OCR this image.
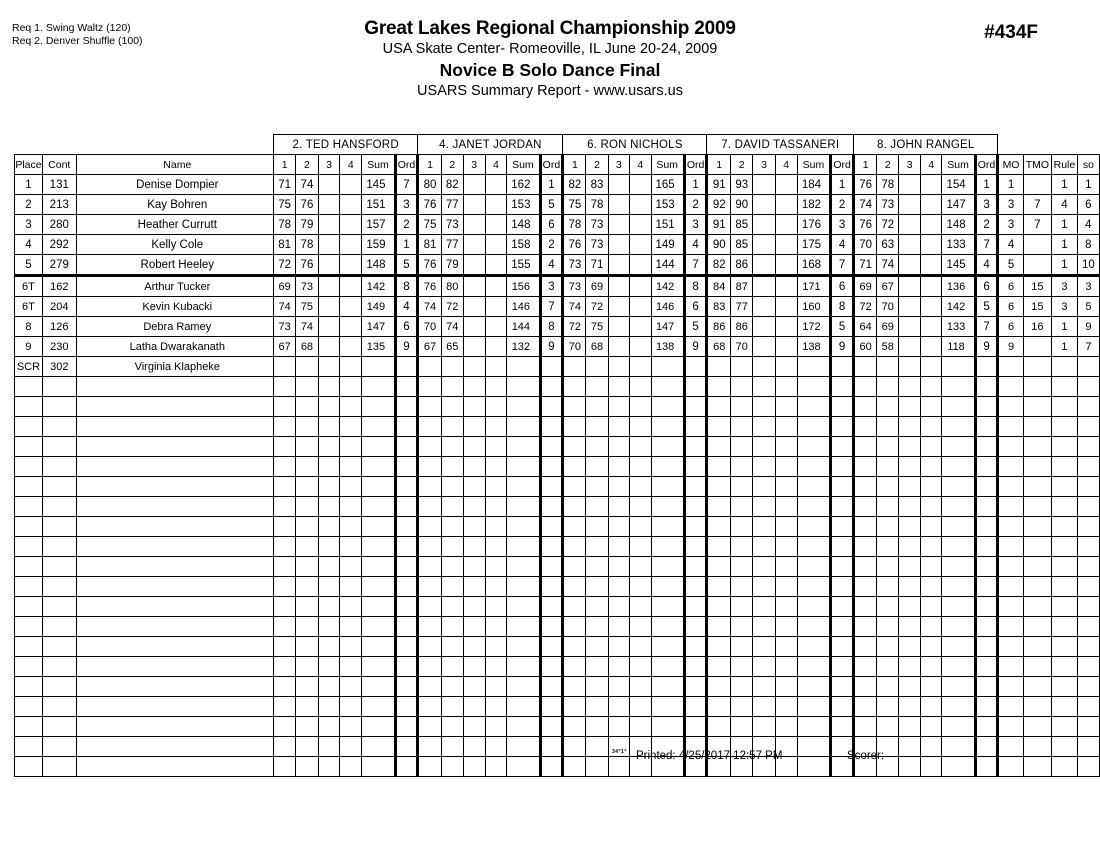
Req 1. Swing Waltz (120)
Req 2. Denver Shuffle (100)
Great Lakes Regional Championship 2009
USA Skate Center- Romeoville, IL June 20-24, 2009
Novice B Solo Dance Final
USARS Summary Report - www.usars.us
#434F
			2. TED HANSFORD						4. JANET JORDAN						6. RON NICHOLS						7. DAVID TASSANERI						8. JOHN RANGEL									
Place	Cont	Name	1	2	3	4	Sum	Ord	1	2	3	4	Sum	Ord	1	2	3	4	Sum	Ord	1	2	3	4	Sum	Ord	1	2	3	4	Sum	Ord	MO	TMO	Rule	so
1	131	Denise Dompier	71	74			145	7	80	82			162	1	82	83			165	1	91	93			184	1	76	78			154	1	1		1	1
2	213	Kay Bohren	75	76			151	3	76	77			153	5	75	78			153	2	92	90			182	2	74	73			147	3	3	7	4	6
3	280	Heather Currutt	78	79			157	2	75	73			148	6	78	73			151	3	91	85			176	3	76	72			148	2	3	7	1	4
4	292	Kelly Cole	81	78			159	1	81	77			158	2	76	73			149	4	90	85			175	4	70	63			133	7	4		1	8
5	279	Robert Heeley	72	76			148	5	76	79			155	4	73	71			144	7	82	86			168	7	71	74			145	4	5		1	10
6T	162	Arthur Tucker	69	73			142	8	76	80			156	3	73	69			142	8	84	87			171	6	69	67			136	6	6	15	3	3
6T	204	Kevin Kubacki	74	75			149	4	74	72			146	7	74	72			146	6	83	77			160	8	72	70			142	5	6	15	3	5
8	126	Debra Ramey	73	74			147	6	70	74			144	8	72	75			147	5	86	86			172	5	64	69			133	7	6	16	1	9
9	230	Latha Dwarakanath	67	68			135	9	67	65			132	9	70	68			138	9	68	70			138	9	60	58			118	9	9		1	7
SCR	302	Virginia Klapheke																																		

34*1* Printed: 4/25/2017 12:57 PM	Scorer:
